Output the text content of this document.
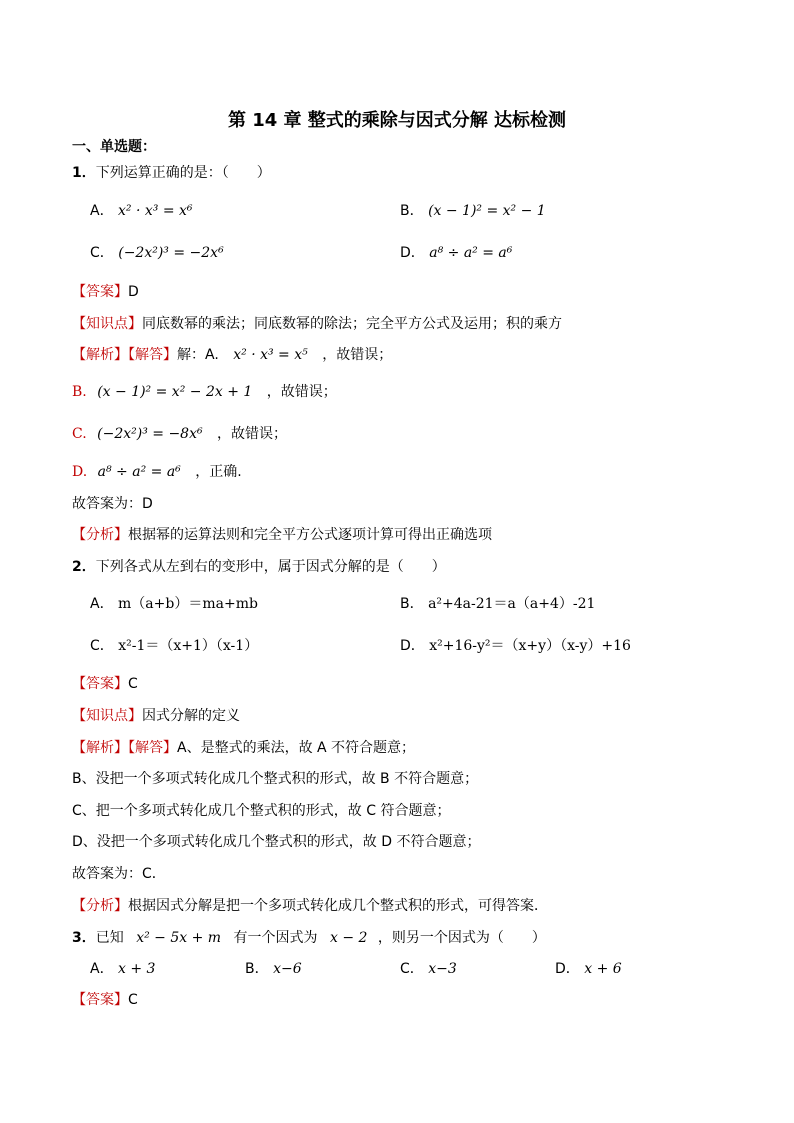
第 14 章 整式的乘除与因式分解 达标检测
一、单选题：
1．下列运算正确的是：（　　）
A． x² · x³ = x⁶	B． (x − 1)² = x² − 1
C． (−2x²)³ = −2x⁶	D． a⁸ ÷ a² = a⁶
【答案】D
【知识点】同底数幂的乘法；同底数幂的除法；完全平方公式及运用；积的乘方
【解析】【解答】解：A. x² · x³ = x⁵ ，故错误；
B. (x − 1)² = x² − 2x + 1 ，故错误；
C. (−2x²)³ = −8x⁶ ，故错误；
D. a⁸ ÷ a² = a⁶ ，正确.
故答案为：D
【分析】根据幂的运算法则和完全平方公式逐项计算可得出正确选项
2．下列各式从左到右的变形中，属于因式分解的是（　　）
A． m（a+b）＝ma+mb	B． a²+4a-21＝a（a+4）-21
C． x²-1＝（x+1）（x-1）	D． x²+16-y²＝（x+y）（x-y）+16
【答案】C
【知识点】因式分解的定义
【解析】【解答】A、是整式的乘法，故 A 不符合题意；
B、没把一个多项式转化成几个整式积的形式，故 B 不符合题意；
C、把一个多项式转化成几个整式积的形式，故 C 符合题意；
D、没把一个多项式转化成几个整式积的形式，故 D 不符合题意；
故答案为：C．
【分析】根据因式分解是把一个多项式转化成几个整式积的形式，可得答案．
3．已知 x² − 5x + m 有一个因式为 x − 2 ，则另一个因式为（　　）
A． x + 3	B． x−6	C． x−3	D． x + 6
【答案】C
